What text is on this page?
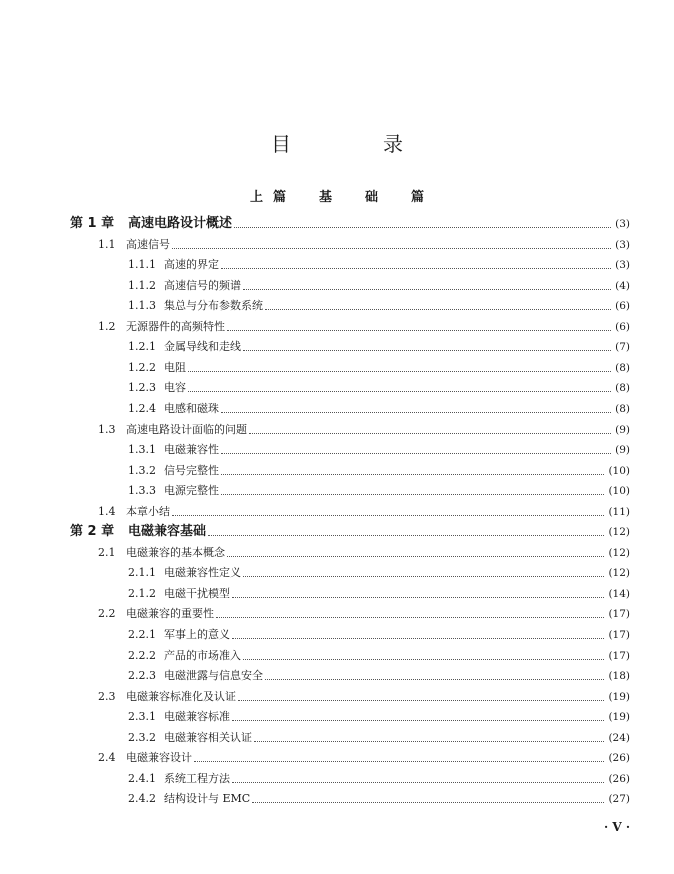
目　录
上篇　基　础　篇
第 1 章 高速电路设计概述	(3)
1.1 高速信号	(3)
1.1.1 高速的界定	(3)
1.1.2 高速信号的频谱	(4)
1.1.3 集总与分布参数系统	(6)
1.2 无源器件的高频特性	(6)
1.2.1 金属导线和走线	(7)
1.2.2 电阻	(8)
1.2.3 电容	(8)
1.2.4 电感和磁珠	(8)
1.3 高速电路设计面临的问题	(9)
1.3.1 电磁兼容性	(9)
1.3.2 信号完整性	(10)
1.3.3 电源完整性	(10)
1.4 本章小结	(11)
第 2 章 电磁兼容基础	(12)
2.1 电磁兼容的基本概念	(12)
2.1.1 电磁兼容性定义	(12)
2.1.2 电磁干扰模型	(14)
2.2 电磁兼容的重要性	(17)
2.2.1 军事上的意义	(17)
2.2.2 产品的市场准入	(17)
2.2.3 电磁泄露与信息安全	(18)
2.3 电磁兼容标准化及认证	(19)
2.3.1 电磁兼容标准	(19)
2.3.2 电磁兼容相关认证	(24)
2.4 电磁兼容设计	(26)
2.4.1 系统工程方法	(26)
2.4.2 结构设计与 EMC	(27)
· V ·
